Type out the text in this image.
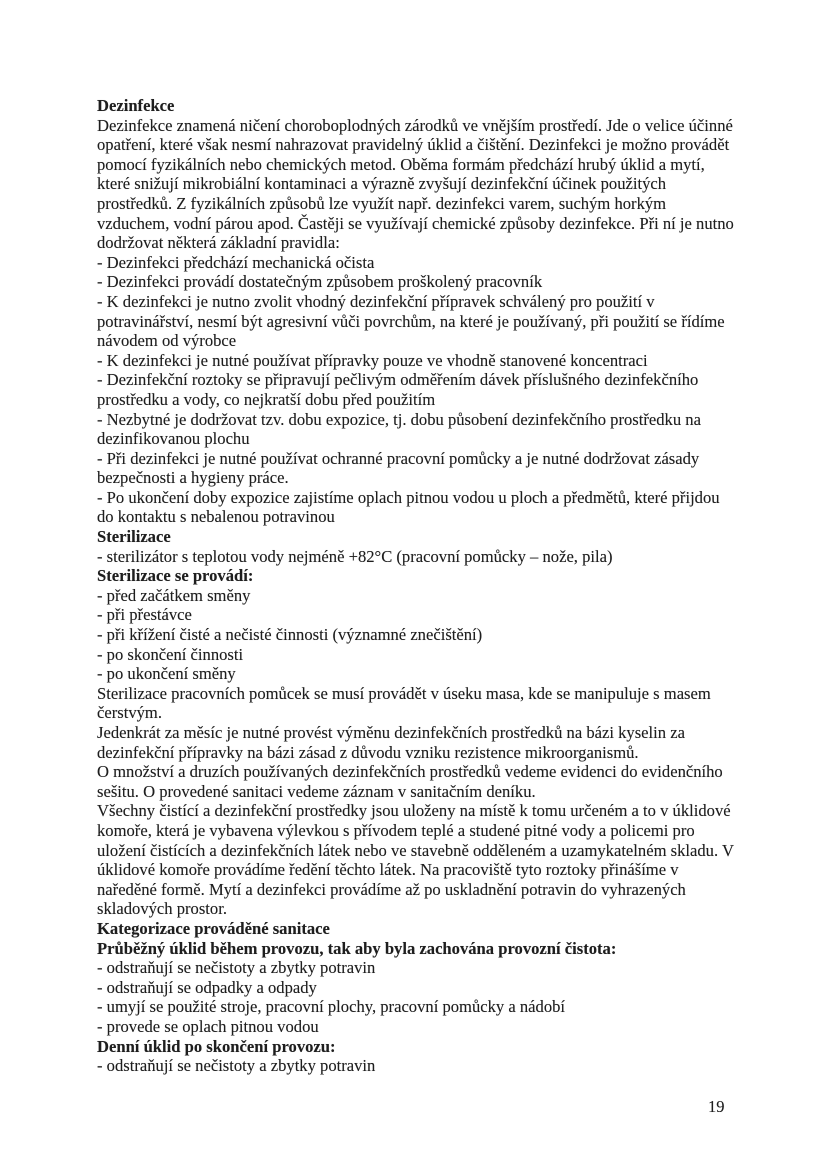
Dezinfekce

Dezinfekce znamená ničení choroboplodných zárodků ve vnějším prostředí. Jde o velice účinné opatření, které však nesmí nahrazovat pravidelný úklid a čištění. Dezinfekci je možno provádět pomocí fyzikálních nebo chemických metod. Oběma formám předchází hrubý úklid a mytí, které snižují mikrobiální kontaminaci a výrazně zvyšují dezinfekční účinek použitých prostředků. Z fyzikálních způsobů lze využít např. dezinfekci varem, suchým horkým vzduchem, vodní párou apod. Častěji se využívají chemické způsoby dezinfekce. Při ní je nutno dodržovat některá základní pravidla:

- Dezinfekci předchází mechanická očista

- Dezinfekci provádí dostatečným způsobem proškolený pracovník

- K dezinfekci je nutno zvolit vhodný dezinfekční přípravek schválený pro použití v potravinářství, nesmí být agresivní vůči povrchům, na které je používaný, při použití se řídíme návodem od výrobce

- K dezinfekci je nutné používat přípravky pouze ve vhodně stanovené koncentraci

- Dezinfekční roztoky se připravují pečlivým odměřením dávek příslušného dezinfekčního prostředku a vody, co nejkratší dobu před použitím

- Nezbytné je dodržovat tzv. dobu expozice, tj. dobu působení dezinfekčního prostředku na dezinfikovanou plochu

- Při dezinfekci je nutné používat ochranné pracovní pomůcky a je nutné dodržovat zásady bezpečnosti a hygieny práce.

- Po ukončení doby expozice zajistíme oplach pitnou vodou u ploch a předmětů, které přijdou do kontaktu s nebalenou potravinou

Sterilizace

- sterilizátor s teplotou vody nejméně +82°C (pracovní pomůcky – nože, pila)

Sterilizace se provádí:

- před začátkem směny

- při přestávce

- při křížení čisté a nečisté činnosti (významné znečištění)

- po skončení činnosti

- po ukončení směny

Sterilizace pracovních pomůcek se musí provádět v úseku masa, kde se manipuluje s masem čerstvým.

Jedenkrát za měsíc je nutné provést výměnu dezinfekčních prostředků na bázi kyselin za dezinfekční přípravky na bázi zásad z důvodu vzniku rezistence mikroorganismů.

O množství a druzích používaných dezinfekčních prostředků vedeme evidenci do evidenčního sešitu. O provedené sanitaci vedeme záznam v sanitačním deníku.

Všechny čistící a dezinfekční prostředky jsou uloženy na místě k tomu určeném a to v úklidové komoře, která je vybavena výlevkou s přívodem teplé a studené pitné vody a policemi pro uložení čistících a dezinfekčních látek nebo ve stavebně odděleném a uzamykatelném skladu. V úklidové komoře provádíme ředění těchto látek. Na pracoviště tyto roztoky přinášíme v naředěné formě. Mytí a dezinfekci provádíme až po uskladnění potravin do vyhrazených skladových prostor.

Kategorizace prováděné sanitace

Průběžný úklid během provozu, tak aby byla zachována provozní čistota:

- odstraňují se nečistoty a zbytky potravin

- odstraňují se odpadky a odpady

- umyjí se použité stroje, pracovní plochy, pracovní pomůcky a nádobí

- provede se oplach pitnou vodou

Denní úklid po skončení provozu:

- odstraňují se nečistoty a zbytky potravin

19
